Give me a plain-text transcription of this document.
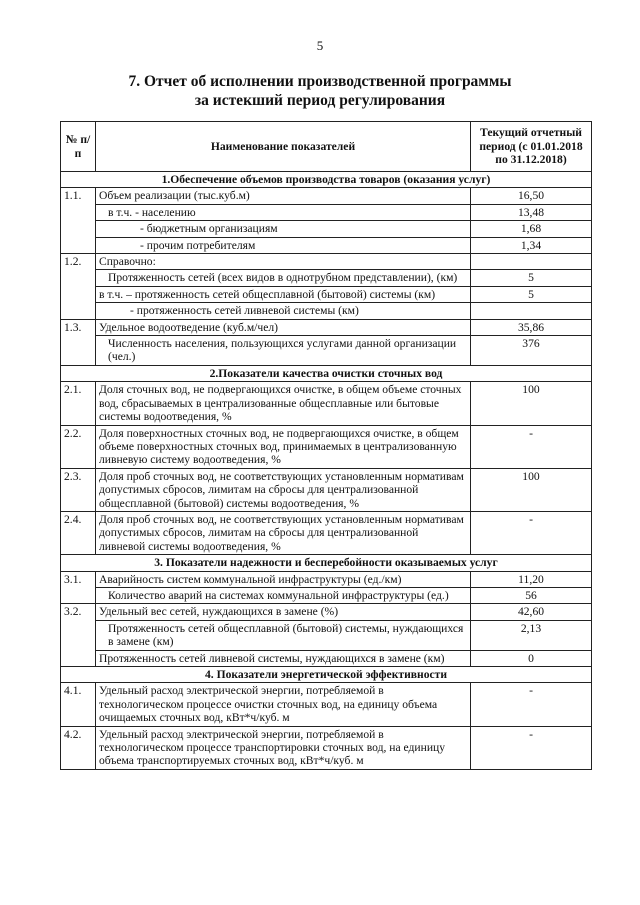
5
7. Отчет об исполнении производственной программы
за истекший период регулирования
№ п/п	Наименование показателей	Текущий отчетный период (с 01.01.2018 по 31.12.2018)
1.Обеспечение объемов производства товаров (оказания услуг)		
1.1.	Объем реализации (тыс.куб.м)	16,50
	в т.ч. - населению	13,48
	- бюджетным организациям	1,68
	- прочим потребителям	1,34
1.2.	Справочно:	
	Протяженность сетей (всех видов в однотрубном представлении), (км)	5
	в т.ч. – протяженность сетей общесплавной (бытовой) системы (км)	5
	- протяженность сетей ливневой системы (км)	
1.3.	Удельное водоотведение (куб.м/чел)	35,86
	Численность населения, пользующихся услугами данной организации (чел.)	376
2.Показатели качества очистки сточных вод		
2.1.	Доля сточных вод, не подвергающихся очистке, в общем объеме сточных вод, сбрасываемых в централизованные общесплавные или бытовые системы водоотведения, %	100
2.2.	Доля поверхностных сточных вод, не подвергающихся очистке, в общем объеме поверхностных сточных вод, принимаемых в централизованную ливневую систему водоотведения, %	-
2.3.	Доля проб сточных вод, не соответствующих установленным нормативам допустимых сбросов, лимитам на сбросы для централизованной общесплавной (бытовой) системы водоотведения, %	100
2.4.	Доля проб сточных вод, не соответствующих установленным нормативам допустимых сбросов, лимитам на сбросы для централизованной ливневой системы водоотведения, %	-
3. Показатели надежности и бесперебойности оказываемых услуг		
3.1.	Аварийность систем коммунальной инфраструктуры (ед./км)	11,20
	Количество аварий на системах коммунальной инфраструктуры (ед.)	56
3.2.	Удельный вес сетей, нуждающихся в замене (%)	42,60
	Протяженность сетей общесплавной (бытовой) системы, нуждающихся в замене (км)	2,13
	Протяженность сетей ливневой системы, нуждающихся в замене (км)	0
4. Показатели энергетической эффективности		
4.1.	Удельный расход электрической энергии, потребляемой в технологическом процессе очистки сточных вод, на единицу объема очищаемых сточных вод, кВт*ч/куб. м	-
4.2.	Удельный расход электрической энергии, потребляемой в технологическом процессе транспортировки сточных вод, на единицу объема транспортируемых сточных вод, кВт*ч/куб. м	-
